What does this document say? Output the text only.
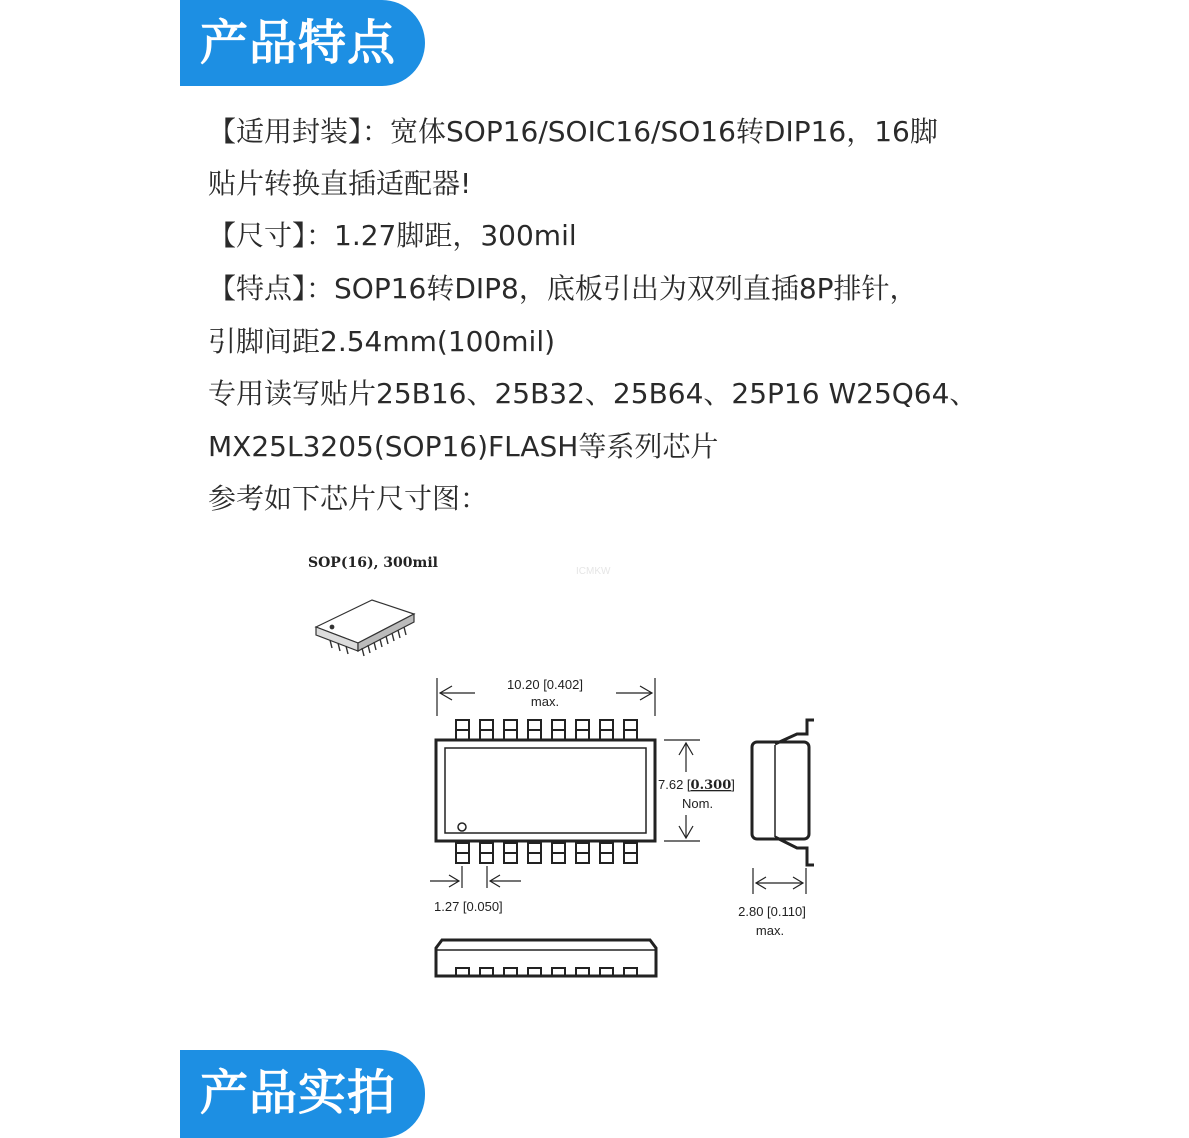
产品特点
【适用封装】：宽体SOP16/SOIC16/SO16转DIP16，16脚
贴片转换直插适配器!
【尺寸】：1.27脚距，300mil
【特点】：SOP16转DIP8，底板引出为双列直插8P排针，
引脚间距2.54mm(100mil)
专用读写贴片25B16、25B32、25B64、25P16 W25Q64、
MX25L3205(SOP16)FLASH等系列芯片
参考如下芯片尺寸图：
SOP(16), 300mil
ICMKW
10.20 [0.402]
max.
7.62 [0.300]
Nom.
1.27 [0.050]	2.80 [0.110]
max.
产品实拍
